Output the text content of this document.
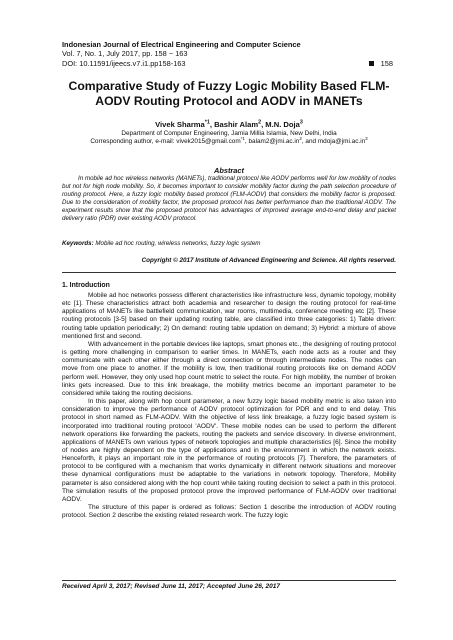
Indonesian Journal of Electrical Engineering and Computer Science
Vol. 7, No. 1, July 2017, pp. 158 ~ 163
DOI: 10.11591/ijeecs.v7.i1.pp158-163	158
Comparative Study of Fuzzy Logic Mobility Based FLM-AODV Routing Protocol and AODV in MANETs
Vivek Sharma$^{*1}$, Bashir Alam$^2$, M.N. Doja$^3$
Department of Computer Engineering, Jamia Millia Islamia, New Delhi, India
Corresponding author, e-mail: vivek2015@gmail.com$^{*1}$, $balam2@jmi.ac.in^2$, and $mdoja@jmi.ac.in^3$
Abstract
In mobile ad hoc wireless networks (MANETs), traditional protocol like AODV performs well for low mobility of nodes but not for high node mobility. So, it becomes important to consider mobility factor during the path selection procedure of routing protocol. Here, a fuzzy logic mobility based protocol (FLM-AODV) that considers the mobility factor is proposed. Due to the consideration of mobility factor, the proposed protocol has better performance than the traditional AODV. The experiment results show that the proposed protocol has advantages of improved average end-to-end delay and packet delivery ratio (PDR) over existing AODV protocol.
Keywords: Mobile ad hoc routing, wireless networks, fuzzy logic system
Copyright © 2017 Institute of Advanced Engineering and Science. All rights reserved.
1. Introduction

Mobile ad hoc networks possess different characteristics like infrastructure less, dynamic topology, mobility etc [1]. These characteristics attract both academia and researcher to design the routing protocol for real-time applications of MANETs like battlefield communication, war rooms, multimedia, conference meeting etc [2]. These routing protocols [3-5] based on their updating routing table, are classified into three categories: 1) Table driven: routing table updation periodically; 2) On demand: routing table updation on demand; 3) Hybrid: a mixture of above mentioned first and second.

With advancement in the portable devices like laptops, smart phones etc., the designing of routing protocol is getting more challenging in comparison to earlier times. In MANETs, each node acts as a router and they communicate with each other either through a direct connection or through intermediate nodes. The nodes can move from one place to another. If the mobility is low, then traditional routing protocols like on demand AODV perform well. However, they only used hop count metric to select the route. For high mobility, the number of broken links gets increased. Due to this link breakage, the mobility metrics become an important parameter to be considered while taking the routing decisions.

In this paper, along with hop count parameter, a new fuzzy logic based mobility metric is also taken into consideration to improve the performance of AODV protocol optimization for PDR and end to end delay. This protocol in short named as FLM-AODV. With the objective of less link breakage, a fuzzy logic based system is incorporated into traditional routing protocol 'AODV'. These mobile nodes can be used to perform the different network operations like forwarding the packets, routing the packets and service discovery. In diverse environment, applications of MANETs own various types of network topologies and multiple characteristics [6]. Since the mobility of nodes are highly dependent on the type of applications and in the environment in which the network exists. Henceforth, it plays an important role in the performance of routing protocols [7]. Therefore, the parameters of protocol to be configured with a mechanism that works dynamically in different network situations and moreover these dynamical configurations must be adaptable to the variations in network topology. Therefore, Mobility parameter is also considered along with the hop count while taking routing decision to select a path in this protocol. The simulation results of the proposed protocol prove the improved performance of FLM-AODV over traditional AODV.

The structure of this paper is ordered as follows: Section 1 describe the introduction of AODV routing protocol. Section 2 describe the existing related research work. The fuzzy logic

Received April 3, 2017; Revised June 11, 2017; Accepted June 26, 2017
